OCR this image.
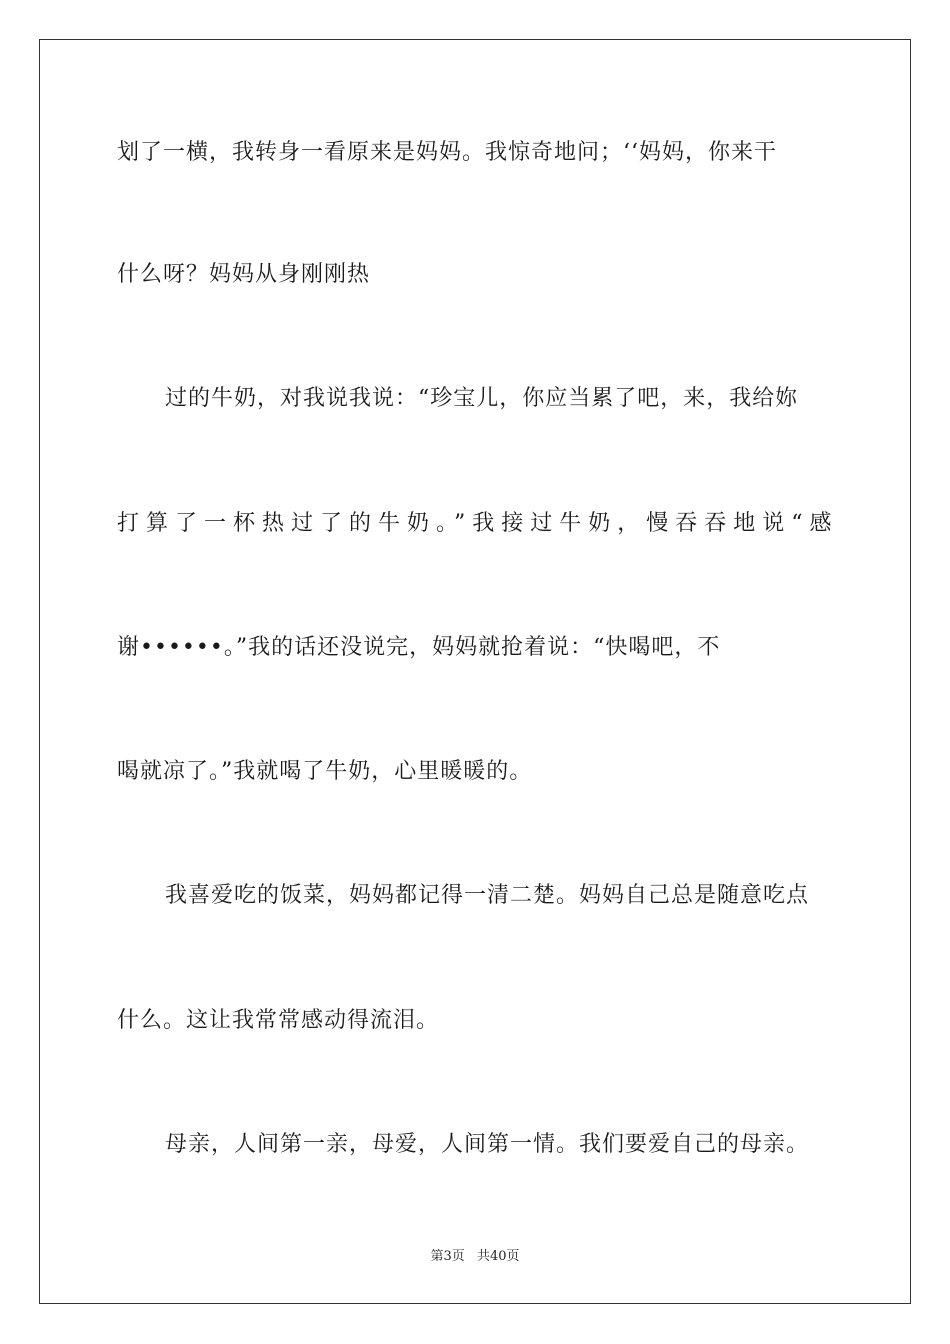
划了一横，我转身一看原来是妈妈。我惊奇地问；‘‘妈妈，你来干
什么呀？妈妈从身刚刚热
过的牛奶，对我说我说：“珍宝儿，你应当累了吧，来，我给妳
打算了一杯热过了的牛奶。”我接过牛奶，慢吞吞地说“感
谢••••••。”我的话还没说完，妈妈就抢着说：“快喝吧，不
喝就凉了。”我就喝了牛奶，心里暖暖的。
我喜爱吃的饭菜，妈妈都记得一清二楚。妈妈自己总是随意吃点
什么。这让我常常感动得流泪。
母亲，人间第一亲，母爱，人间第一情。我们要爱自己的母亲。
第3页 共40页
